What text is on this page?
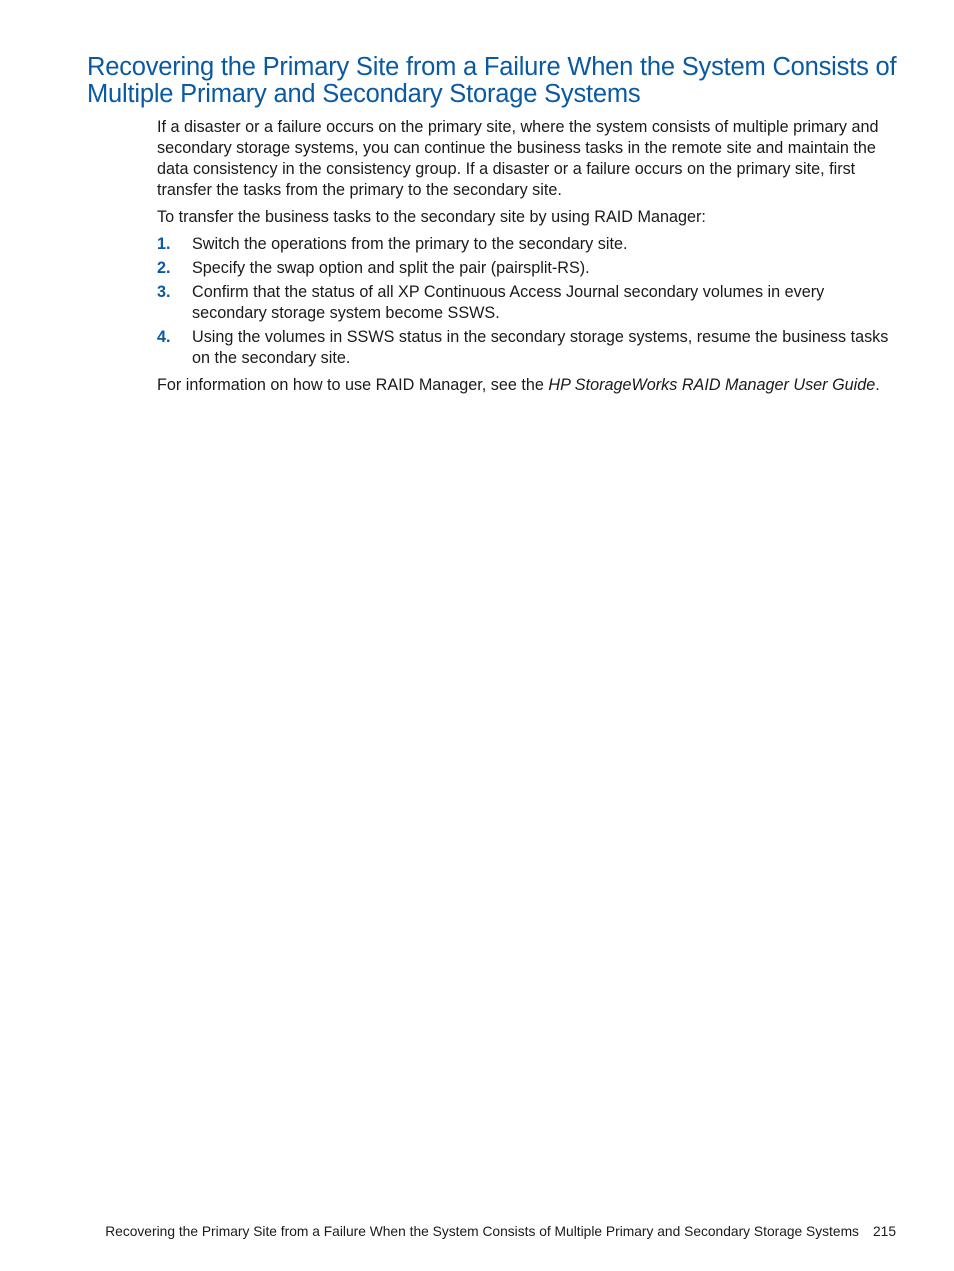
Recovering the Primary Site from a Failure When the System Consists of Multiple Primary and Secondary Storage Systems

If a disaster or a failure occurs on the primary site, where the system consists of multiple primary and secondary storage systems, you can continue the business tasks in the remote site and maintain the data consistency in the consistency group. If a disaster or a failure occurs on the primary site, first transfer the tasks from the primary to the secondary site.

To transfer the business tasks to the secondary site by using RAID Manager:

1. Switch the operations from the primary to the secondary site.
2. Specify the swap option and split the pair (pairsplit-RS).
3. Confirm that the status of all XP Continuous Access Journal secondary volumes in every secondary storage system become SSWS.
4. Using the volumes in SSWS status in the secondary storage systems, resume the business tasks on the secondary site.

For information on how to use RAID Manager, see the HP StorageWorks RAID Manager User Guide.

Recovering the Primary Site from a Failure When the System Consists of Multiple Primary and Secondary Storage Systems 215
